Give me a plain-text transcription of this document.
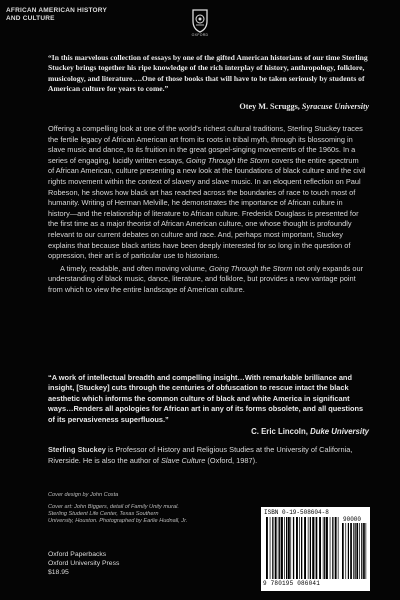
AFRICAN AMERICAN HISTORY
AND CULTURE
OXFORD
“In this marvelous collection of essays by one of the gifted American historians of our time Sterling Stuckey brings together his ripe knowledge of the rich interplay of history, anthropology, folklore, musicology, and literature….One of those books that will have to be taken seriously by students of American culture for years to come.”
Otey M. Scruggs, Syracuse University

Offering a compelling look at one of the world’s richest cultural traditions, Sterling Stuckey traces the fertile legacy of African American art from its roots in tribal myth, through its blossoming in slave music and dance, to its fruition in the great gospel-singing movements of the 1960s. In a series of engaging, lucidly written essays, Going Through the Storm covers the entire spectrum of African American, culture presenting a new look at the foundations of black culture and the civil rights movement within the context of slavery and slave music. In an eloquent reflection on Paul Robeson, he shows how black art has reached across the boundaries of race to touch most of humanity. Writing of Herman Melville, he demonstrates the importance of African culture in history—and the relationship of literature to African culture. Frederick Douglass is presented for the first time as a major theorist of African American culture, one whose thought is profoundly relevant to our current debates on culture and race. And, perhaps most important, Stuckey explains that because black artists have been deeply interested for so long in the question of oppression, their art is of particular use to historians.

A timely, readable, and often moving volume, Going Through the Storm not only expands our understanding of black music, dance, literature, and folklore, but provides a new vantage point from which to view the entire landscape of American culture.

“A work of intellectual breadth and compelling insight…With remarkable brilliance and insight, [Stuckey] cuts through the centuries of obfuscation to rescue intact the black aesthetic which informs the common culture of black and white America in significant ways…Renders all apologies for African art in any of its forms obsolete, and all questions of its pervasiveness superfluous.”
C. Eric Lincoln, Duke University
Sterling Stuckey is Professor of History and Religious Studies at the University of California, Riverside. He is also the author of Slave Culture (Oxford, 1987).
Cover design by John Costa
Cover art: John Biggers, detail of Family Unity mural.
Sterling Student Life Center, Texas Southern
University, Houston. Photographed by Earlie Hudnall, Jr.
Oxford Paperbacks
Oxford University Press
$18.95
ISBN 0-19-508604-8
90000
9 780195 086041
